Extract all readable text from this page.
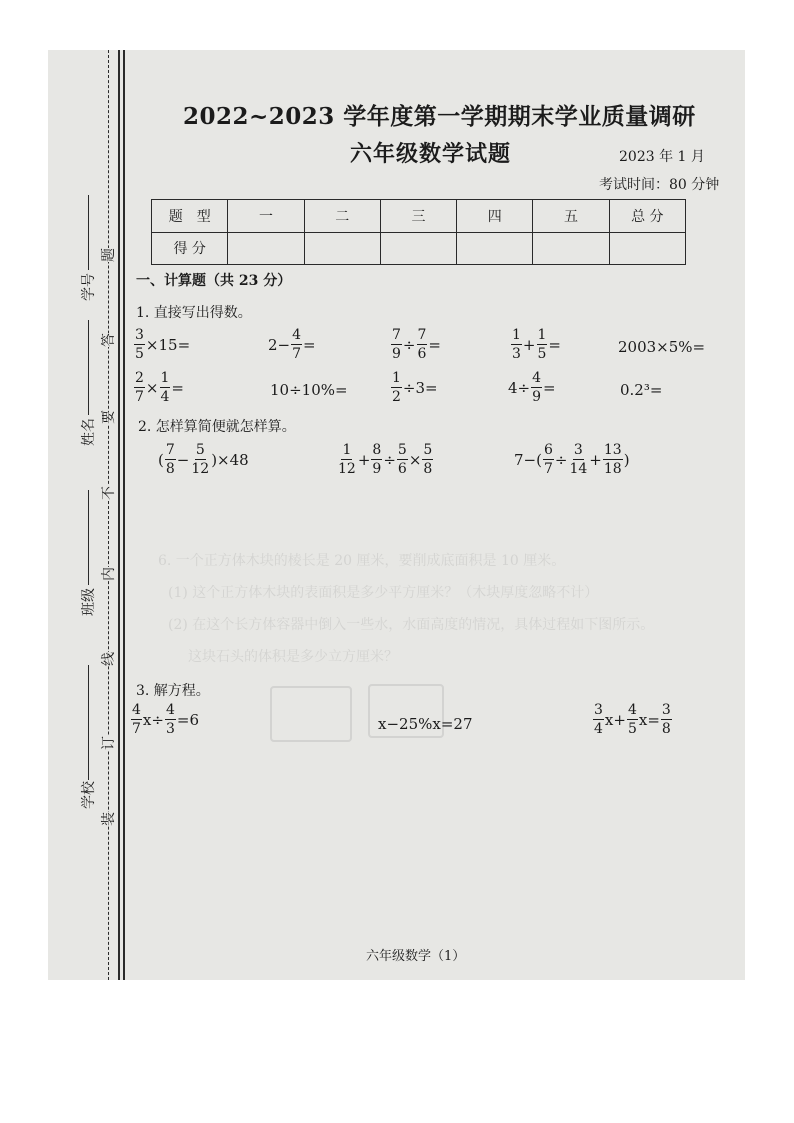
6. 一个正方体木块的棱长是 20 厘米，要削成底面积是 10 厘米。
(1) 这个正方体木块的表面积是多少平方厘米？（木块厚度忽略不计）
(2) 在这个长方体容器中倒入一些水，水面高度的情况，具体过程如下图所示。
这块石头的体积是多少立方厘米？
学号
姓名
班级
学校
题
答
要
不
内
线
订
装
2022~2023 学年度第一学期期末学业质量调研
六年级数学试题	2023 年 1 月
考试时间：80 分钟
题　型	一	二	三	四	五	总 分
得 分						
一、计算题（共 23 分）
1. 直接写出得数。
$\frac{3}{5} \times 15=$	$2- \frac{4}{7}$ =	$\frac{7}{9} \div \frac{7}{6}$ =
1
3
+ $\frac{1}{5}$ =	2003×5%=
$\frac{2}{7} \times \frac{1}{4}$ =	10÷10%=	$\frac{1}{2} \div 3=$	$4\div \frac{4}{9}$ =	0.2³=
2. 怎样算简便就怎样算。
(
7
8
− $\frac{5}{12} )\times 48$
1
12
+ $\frac{8}{9} \div \frac{5}{6} \times \frac{5}{8}$	$7-( \frac{6}{7} \div \frac{3}{14} + \frac{13}{18}$ )
3. 解方程。
4
7
$x\div \frac{4}{3} =6$	x−25%x=27
3
4
$x+ \frac{4}{5} x= \frac{3}{8}$
六年级数学（1）
